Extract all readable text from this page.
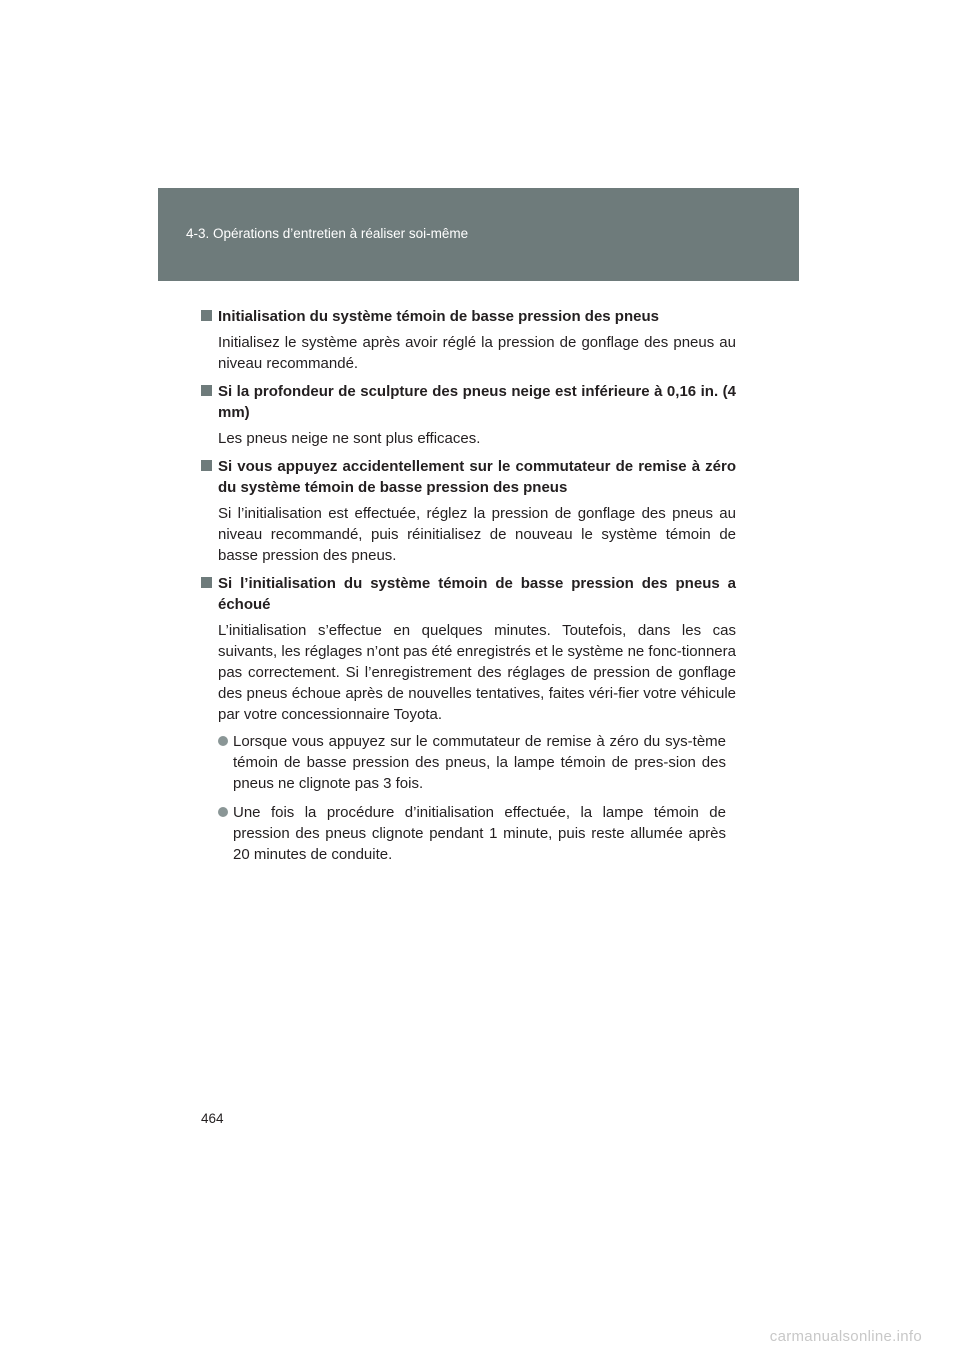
4-3. Opérations d’entretien à réaliser soi-même
Initialisation du système témoin de basse pression des pneus
Initialisez le système après avoir réglé la pression de gonflage des pneus au niveau recommandé.
Si la profondeur de sculpture des pneus neige est inférieure à 0,16 in. (4 mm)
Les pneus neige ne sont plus efficaces.
Si vous appuyez accidentellement sur le commutateur de remise à zéro du système témoin de basse pression des pneus
Si l’initialisation est effectuée, réglez la pression de gonflage des pneus au niveau recommandé, puis réinitialisez de nouveau le système témoin de basse pression des pneus.
Si l’initialisation du système témoin de basse pression des pneus a échoué
L’initialisation s’effectue en quelques minutes. Toutefois, dans les cas suivants, les réglages n’ont pas été enregistrés et le système ne fonc-tionnera pas correctement. Si l’enregistrement des réglages de pression de gonflage des pneus échoue après de nouvelles tentatives, faites véri-fier votre véhicule par votre concessionnaire Toyota.
Lorsque vous appuyez sur le commutateur de remise à zéro du sys-tème témoin de basse pression des pneus, la lampe témoin de pres-sion des pneus ne clignote pas 3 fois.
Une fois la procédure d’initialisation effectuée, la lampe témoin de pression des pneus clignote pendant 1 minute, puis reste allumée après 20 minutes de conduite.
464
carmanualsonline.info
